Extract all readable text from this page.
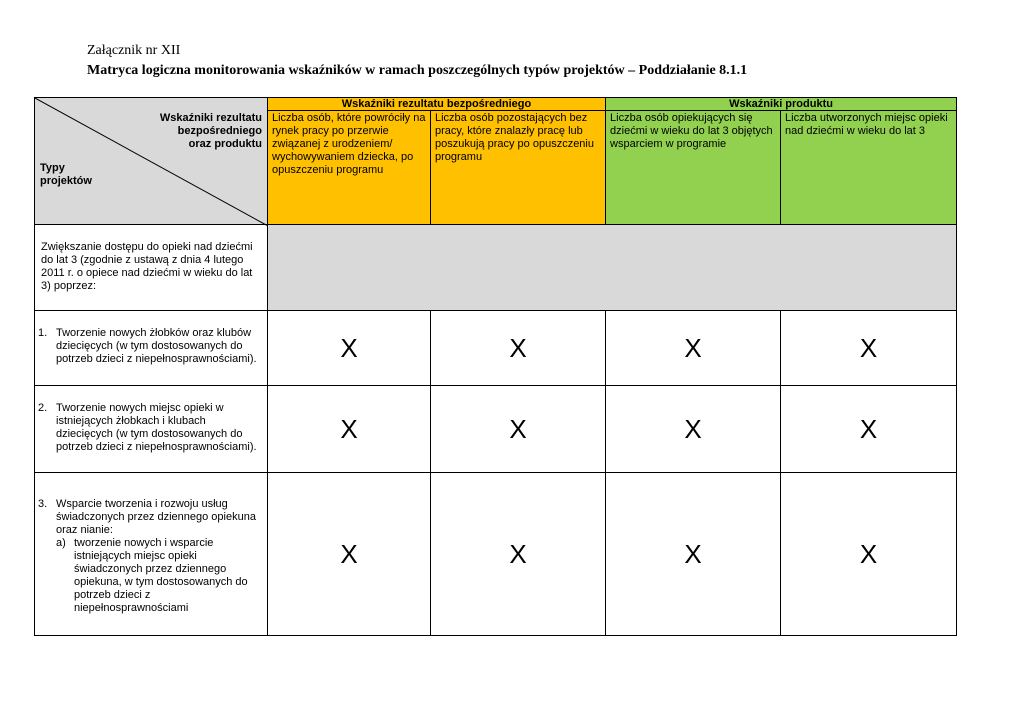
Załącznik nr XII
Matryca logiczna monitorowania wskaźników w ramach poszczególnych typów projektów – Poddziałanie 8.1.1
Wskaźniki rezultatu
bezpośredniego
oraz produktu
Typy
projektów	Wskaźniki rezultatu bezpośredniego		Wskaźniki produktu	
	Liczba osób, które powróciły na rynek pracy po przerwie związanej z urodzeniem/ wychowywaniem dziecka, po opuszczeniu programu	Liczba osób pozostających bez pracy, które znalazły pracę lub poszukują pracy po opuszczeniu programu	Liczba osób opiekujących się dziećmi w wieku do lat 3 objętych wsparciem w programie	Liczba utworzonych miejsc opieki nad dziećmi w wieku do lat 3
Zwiększanie dostępu do opieki nad dziećmi do lat 3 (zgodnie z ustawą z dnia 4 lutego 2011 r. o opiece nad dziećmi w wieku do lat 3) poprzez:				

1. Tworzenie nowych żłobków oraz klubów dziecięcych (w tym dostosowanych do potrzeb dzieci z niepełnosprawnościami).	X	X	X	X

2. Tworzenie nowych miejsc opieki w istniejących żłobkach i klubach dziecięcych (w tym dostosowanych do potrzeb dzieci z niepełnosprawnościami).	X	X	X	X

3. Wsparcie tworzenia i rozwoju usług świadczonych przez dziennego opiekuna oraz nianie:
a) tworzenie nowych i wsparcie istniejących miejsc opieki świadczonych przez dziennego opiekuna, w tym dostosowanych do potrzeb dzieci z niepełnosprawnościami	X	X	X	X
